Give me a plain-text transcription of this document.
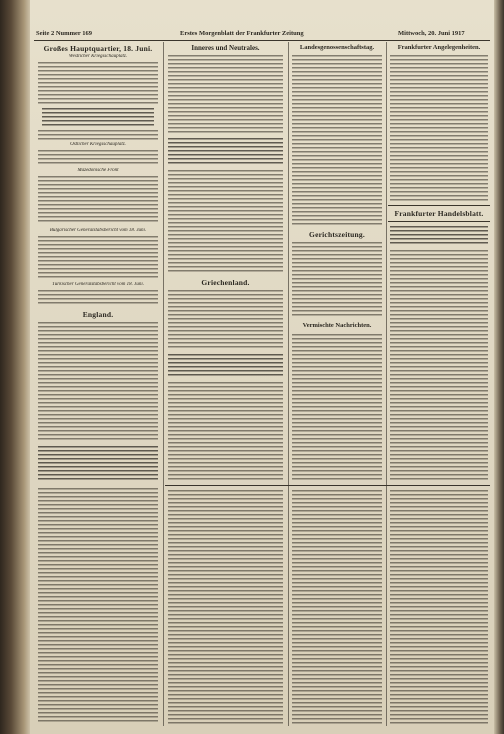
Seite 2 Nummer 169	Erstes Morgenblatt der Frankfurter Zeitung	Mittwoch, 20. Juni 1917
Großes Hauptquartier, 18. Juni.
Westlicher Kriegsschauplatz.
Östlicher Kriegsschauplatz.
Mazedonische Front
Bulgarischer Generalstabsbericht vom 18. Juni.
Türkischer Generalstabsbericht vom 18. Juni.
England.
Inneres und Neutrales.
Griechenland.
Landesgenossenschaftstag.
Gerichtszeitung.
Vermischte Nachrichten.
Frankfurter Angelegenheiten.
Frankfurter Handelsblatt.
